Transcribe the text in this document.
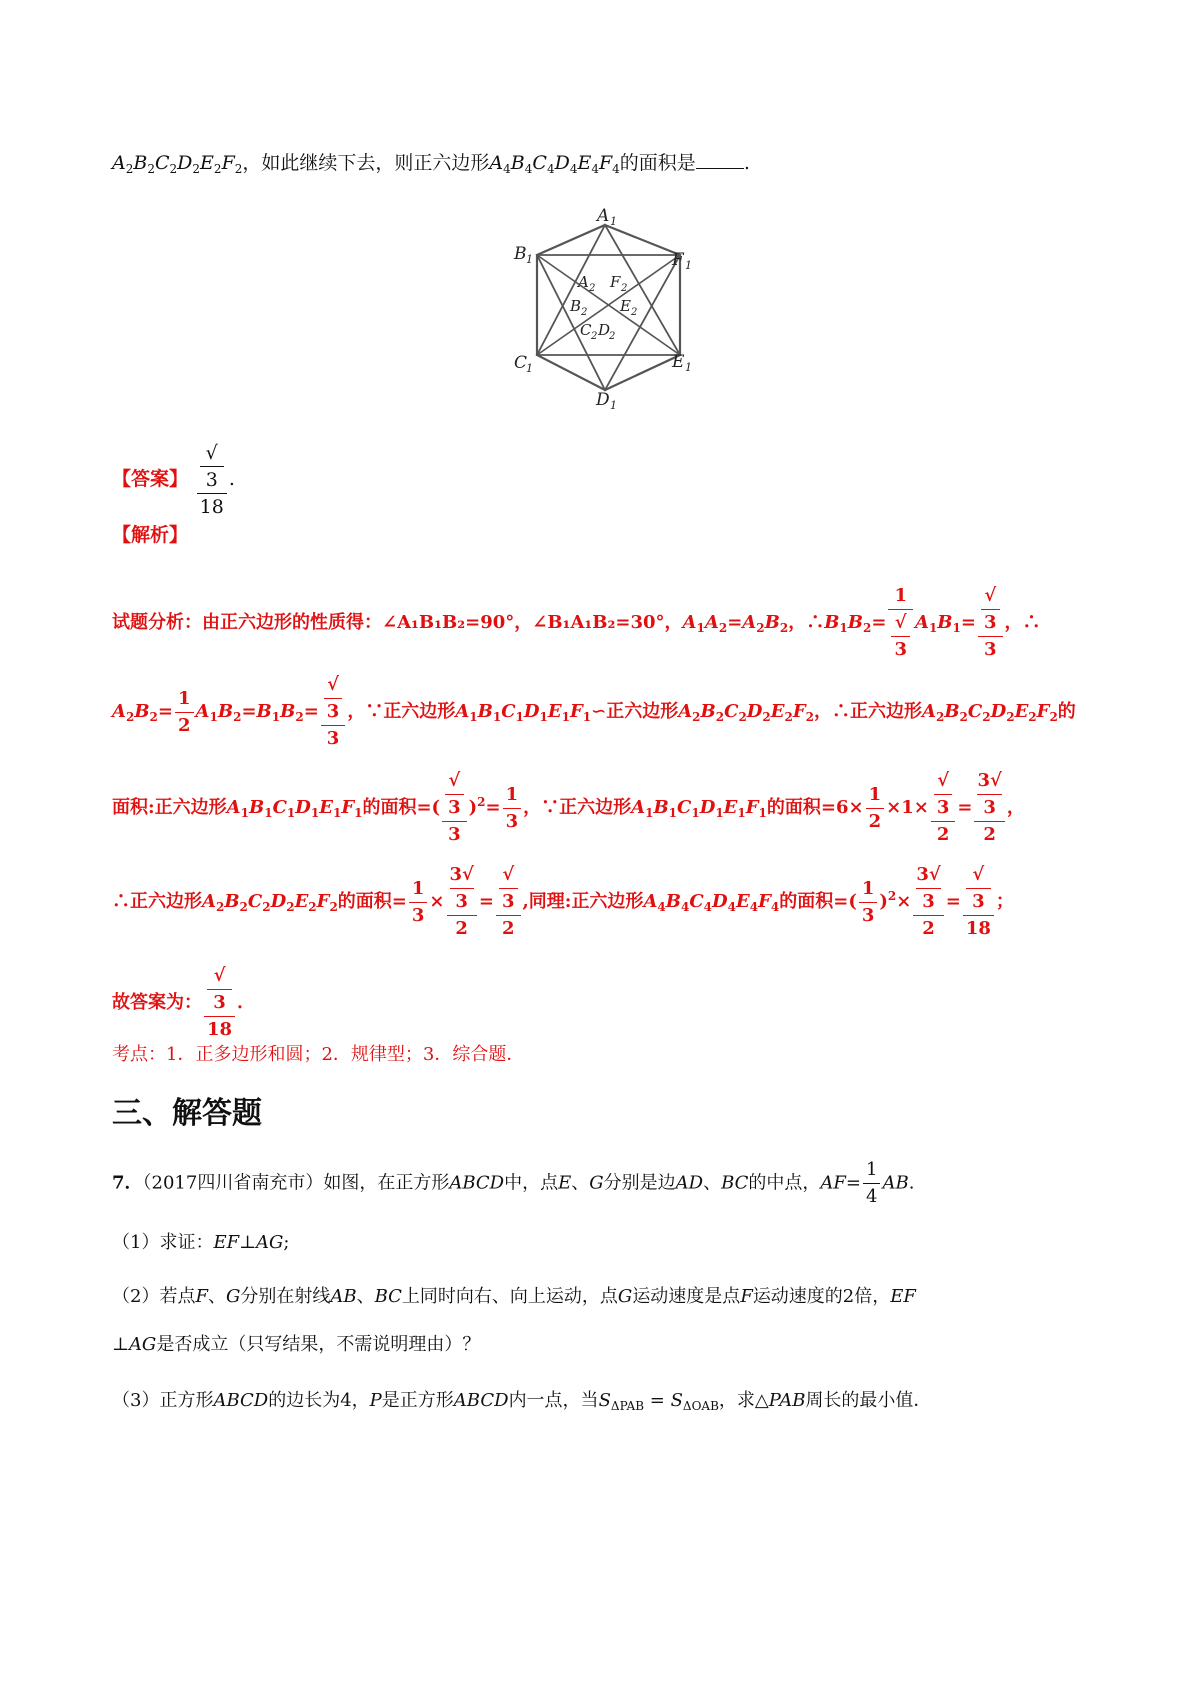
$A_2B_2C_2D_2E_2F_2$，如此继续下去，则正六边形$A_4B_4C_4D_4E_4F_4$的面积是	.
A 1
B 1
C
1
D 1
E 1
F 1
A 2 F 2
B 2 E 2
C 2 D
2
【答案】 √
3
18 .
【解析】
试题分析：由正六边形的性质得：∠A₁B₁B₂=90°，∠B₁A₁B₂=30°，$A_1A_2=A_2B_2$，$\therefore B_1B_2= 1$
√
3 $A_1B_1=$ √
3
3 ，∴
$A_2B_2= \frac{1}{2} A_1B_2=B_1B_2=$ √
3
3 ，∵正六边形$A_1B_1C_1D_1E_1F_1∽$正六边形$A_2B_2C_2D_2E_2F_2$，∴正六边形$A_2B_2C_2D_2E_2F_2$的
面积:正六边形$A_1B_1C_1D_1E_1F_1$的面积=( √
3
3 )$^2= \frac{1}{3}$ ，∵正六边形$A_1B_1C_1D_1E_1F_1$的面积$=6\times \frac{1}{2} \times 1\times$ √
3
2 = 3√
3
2 ，
∴正六边形$A_2B_2C_2D_2E_2F_2$的面积= $\frac{1}{3} \times 3√$
3
2 = √
3
2 ,同理:正六边形$A_4B_4C_4D_4E_4F_4$的面积=( $\frac{1}{3} )^2\times 3√$
3
2 = √
3
18 ；
故答案为： √
3
18 ．
考点：1．正多边形和圆；2．规律型；3．综合题．
三、解答题
7．（2017四川省南充市）如图，在正方形ABCD中，点E、G分别是边AD、BC的中点，$AF= \frac{1}{4}$ AB.
（1）求证：EF⊥AG;
（2）若点F、G分别在射线AB、BC上同时向右、向上运动，点G运动速度是点F运动速度的2倍，EF
⊥AG是否成立（只写结果，不需说明理由）？
（3）正方形ABCD的边长为4，P是正方形ABCD内一点，当$S_{\Delta PAB} = S_{\Delta OAB}$，求△PAB周长的最小值．
